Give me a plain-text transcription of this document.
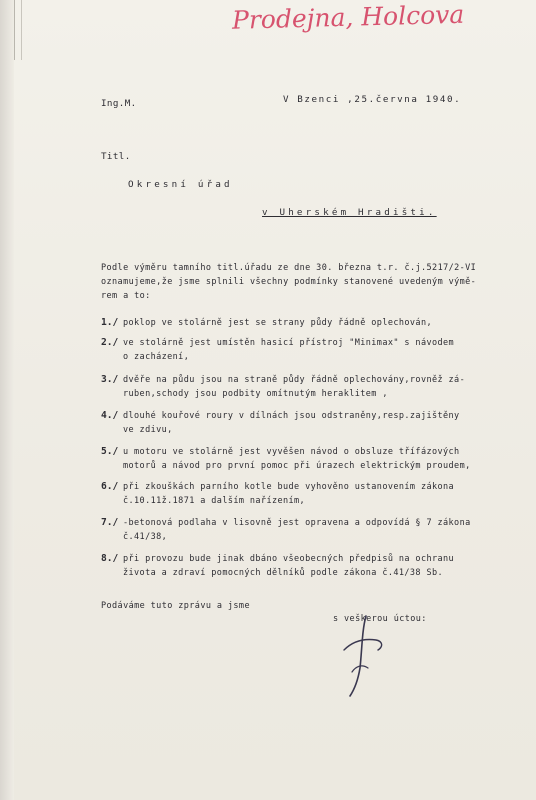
Prodejna, Holcova
Ing.M.	V Bzenci ,25.června 1940.
Titl.
Okresní úřad
v Uherském Hradišti.
Podle výměru tamního titl.úřadu ze dne 30. března t.r. č.j.5217/2-VI
oznamujeme,že jsme splnili všechny podmínky stanovené uvedeným výmě-
rem a to:
1./ poklop ve stolárně jest se strany půdy řádně oplechován,
2./ ve stolárně jest umístěn hasicí přístroj "Minimax" s návodem
o zacházení,
3./ dvěře na půdu jsou na straně půdy řádně oplechovány,rovněž zá-
ruben,schody jsou podbity omítnutým heraklitem ,
4./ dlouhé kouřové roury v dílnách jsou odstraněny,resp.zajištěny
ve zdivu,
5./ u motoru ve stolárně jest vyvěšen návod o obsluze třífázových
motorů a návod pro první pomoc při úrazech elektrickým proudem,
6./ při zkouškách parního kotle bude vyhověno ustanovením zákona
č.10.11ž.1871 a dalším nařízením,
7./ -betonová podlaha v lisovně jest opravena a odpovídá § 7 zákona
č.41/38,
8./ při provozu bude jinak dbáno všeobecných předpisů na ochranu
života a zdraví pomocných dělníků podle zákona č.41/38 Sb.
Podáváme tuto zprávu a jsme
s veškerou úctou:
